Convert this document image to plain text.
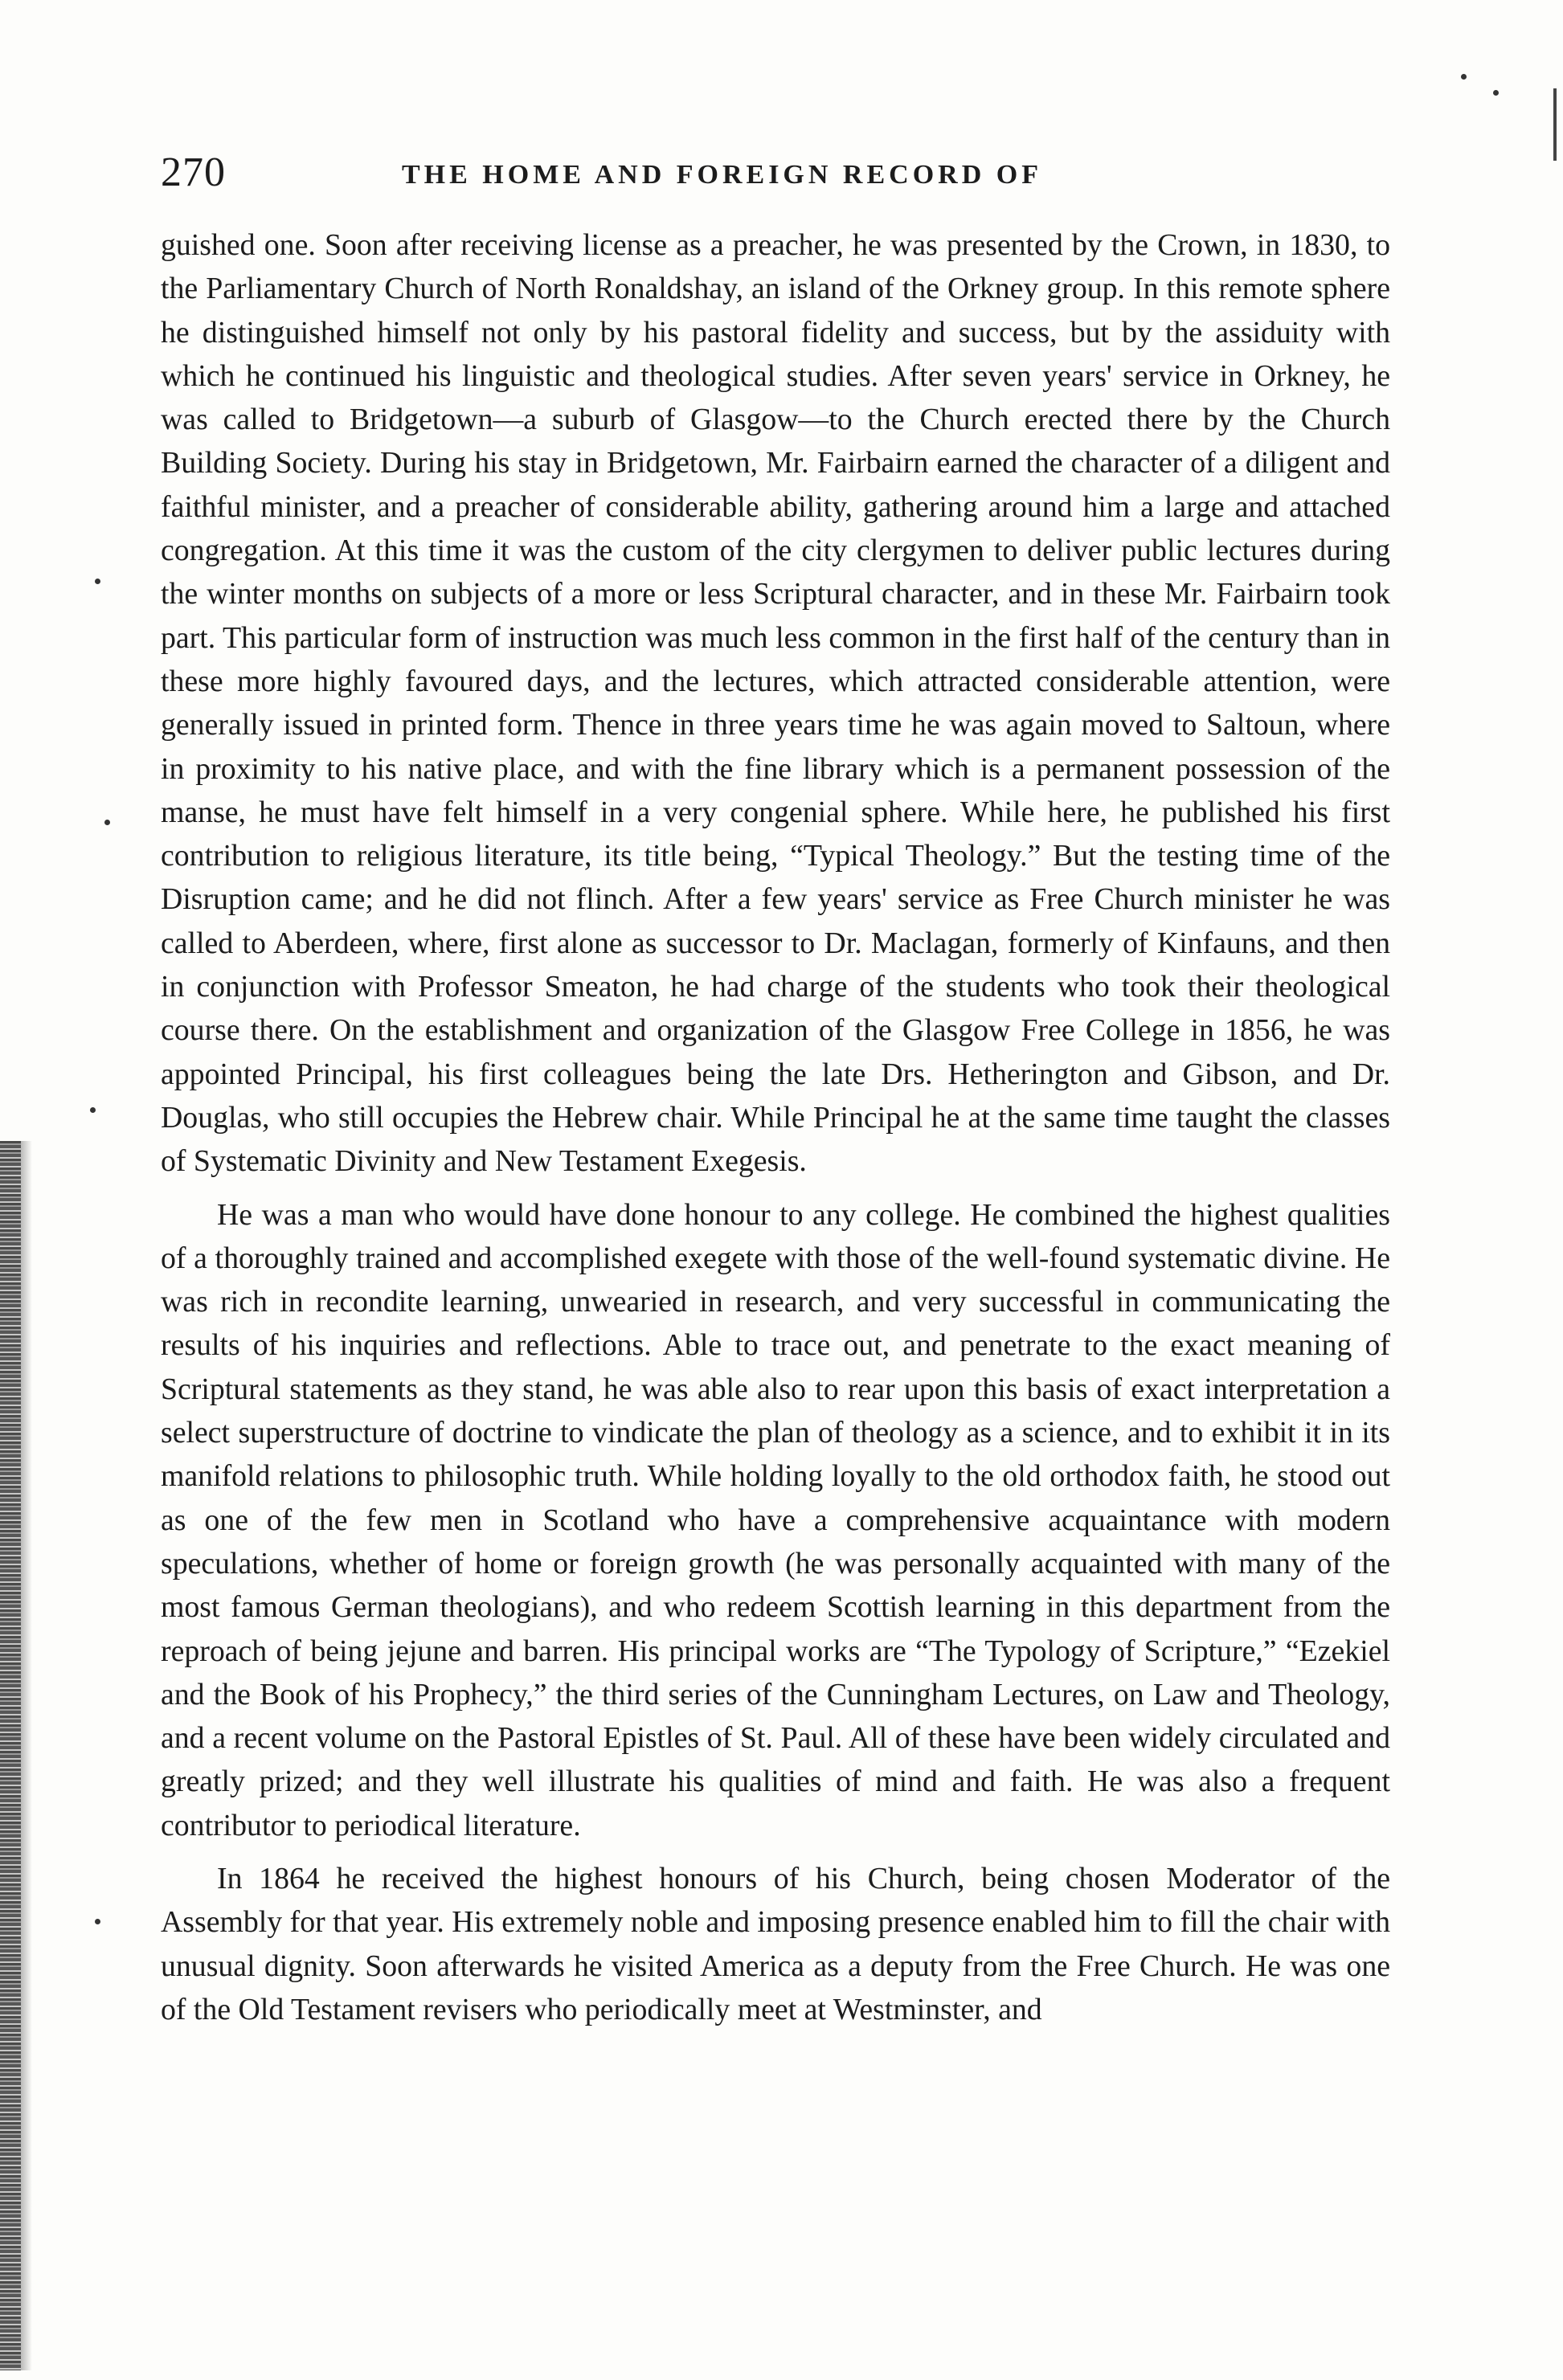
270	THE HOME AND FOREIGN RECORD OF

guished one. Soon after receiving license as a preacher, he was presented by the Crown, in 1830, to the Parliamentary Church of North Ronaldshay, an island of the Orkney group. In this remote sphere he distinguished himself not only by his pastoral fidelity and success, but by the assiduity with which he continued his linguistic and theological studies. After seven years' service in Orkney, he was called to Bridgetown—a suburb of Glasgow—to the Church erected there by the Church Building Society. During his stay in Bridgetown, Mr. Fairbairn earned the character of a diligent and faithful minister, and a preacher of considerable ability, gathering around him a large and attached congregation. At this time it was the custom of the city clergymen to deliver public lectures during the winter months on subjects of a more or less Scriptural character, and in these Mr. Fairbairn took part. This particular form of instruction was much less common in the first half of the century than in these more highly favoured days, and the lectures, which attracted considerable attention, were generally issued in printed form. Thence in three years time he was again moved to Saltoun, where in proximity to his native place, and with the fine library which is a permanent possession of the manse, he must have felt himself in a very congenial sphere. While here, he published his first contribution to religious literature, its title being, “Typical Theology.” But the testing time of the Disruption came; and he did not flinch. After a few years' service as Free Church minister he was called to Aberdeen, where, first alone as successor to Dr. Maclagan, formerly of Kinfauns, and then in conjunction with Professor Smeaton, he had charge of the students who took their theological course there. On the establishment and organization of the Glasgow Free College in 1856, he was appointed Principal, his first colleagues being the late Drs. Hetherington and Gibson, and Dr. Douglas, who still occupies the Hebrew chair. While Principal he at the same time taught the classes of Systematic Divinity and New Testament Exegesis.

He was a man who would have done honour to any college. He combined the highest qualities of a thoroughly trained and accomplished exegete with those of the well-found systematic divine. He was rich in recondite learning, unwearied in research, and very successful in communicating the results of his inquiries and reflections. Able to trace out, and penetrate to the exact meaning of Scriptural statements as they stand, he was able also to rear upon this basis of exact interpretation a select superstructure of doctrine to vindicate the plan of theology as a science, and to exhibit it in its manifold relations to philosophic truth. While holding loyally to the old orthodox faith, he stood out as one of the few men in Scotland who have a comprehensive acquaintance with modern speculations, whether of home or foreign growth (he was personally acquainted with many of the most famous German theologians), and who redeem Scottish learning in this department from the reproach of being jejune and barren. His principal works are “The Typology of Scripture,” “Ezekiel and the Book of his Prophecy,” the third series of the Cunningham Lectures, on Law and Theology, and a recent volume on the Pastoral Epistles of St. Paul. All of these have been widely circulated and greatly prized; and they well illustrate his qualities of mind and faith. He was also a frequent contributor to periodical literature.

In 1864 he received the highest honours of his Church, being chosen Moderator of the Assembly for that year. His extremely noble and imposing presence enabled him to fill the chair with unusual dignity. Soon afterwards he visited America as a deputy from the Free Church. He was one of the Old Testament revisers who periodically meet at Westminster, and
